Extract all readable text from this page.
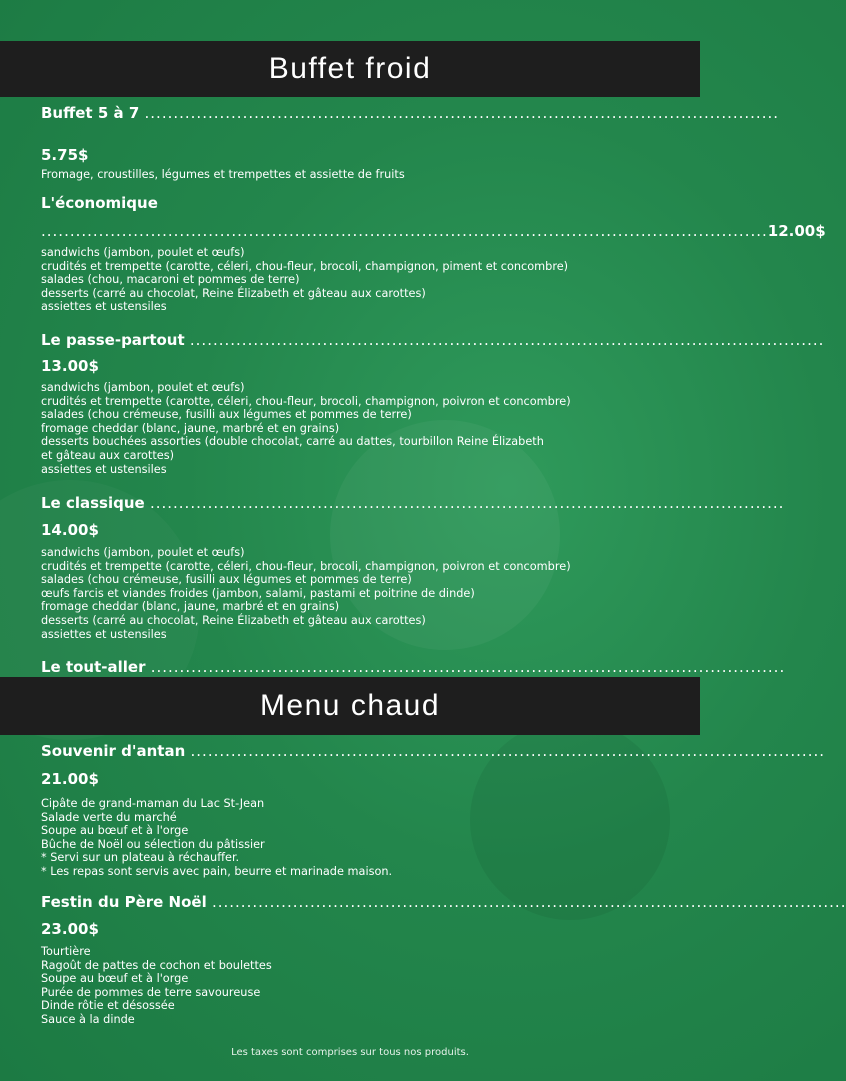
Buffet froid
Buffet 5 à 7 ..............................................................................................................
5.75$
Fromage, croustilles, légumes et trempettes et assiette de fruits
L'économique
.............................................................................................................................. 12.00$
sandwichs (jambon, poulet et œufs)
crudités et trempette (carotte, céleri, chou-fleur, brocoli, champignon, piment et concombre)
salades (chou, macaroni et pommes de terre)
desserts (carré au chocolat, Reine Élizabeth et gâteau aux carottes)
assiettes et ustensiles
Le passe-partout ..............................................................................................................
13.00$
sandwichs (jambon, poulet et œufs)
crudités et trempette (carotte, céleri, chou-fleur, brocoli, champignon, poivron et concombre)
salades (chou crémeuse, fusilli aux légumes et pommes de terre)
fromage cheddar (blanc, jaune, marbré et en grains)
desserts bouchées assorties (double chocolat, carré au dattes, tourbillon Reine Élizabeth
et gâteau aux carottes)
assiettes et ustensiles
Le classique ..............................................................................................................
14.00$
sandwichs (jambon, poulet et œufs)
crudités et trempette (carotte, céleri, chou-fleur, brocoli, champignon, poivron et concombre)
salades (chou crémeuse, fusilli aux légumes et pommes de terre)
œufs farcis et viandes froides (jambon, salami, pastami et poitrine de dinde)
fromage cheddar (blanc, jaune, marbré et en grains)
desserts (carré au chocolat, Reine Élizabeth et gâteau aux carottes)
assiettes et ustensiles
Le tout-aller ..............................................................................................................
Menu chaud
Souvenir d'antan ..............................................................................................................
21.00$
Cipâte de grand-maman du Lac St-Jean
Salade verte du marché
Soupe au bœuf et à l'orge
Bûche de Noël ou sélection du pâtissier
* Servi sur un plateau à réchauffer.
* Les repas sont servis avec pain, beurre et marinade maison.
Festin du Père Noël ..............................................................................................................
23.00$
Tourtière
Ragoût de pattes de cochon et boulettes
Soupe au bœuf et à l'orge
Purée de pommes de terre savoureuse
Dinde rôtie et désossée
Sauce à la dinde
Les taxes sont comprises sur tous nos produits.
